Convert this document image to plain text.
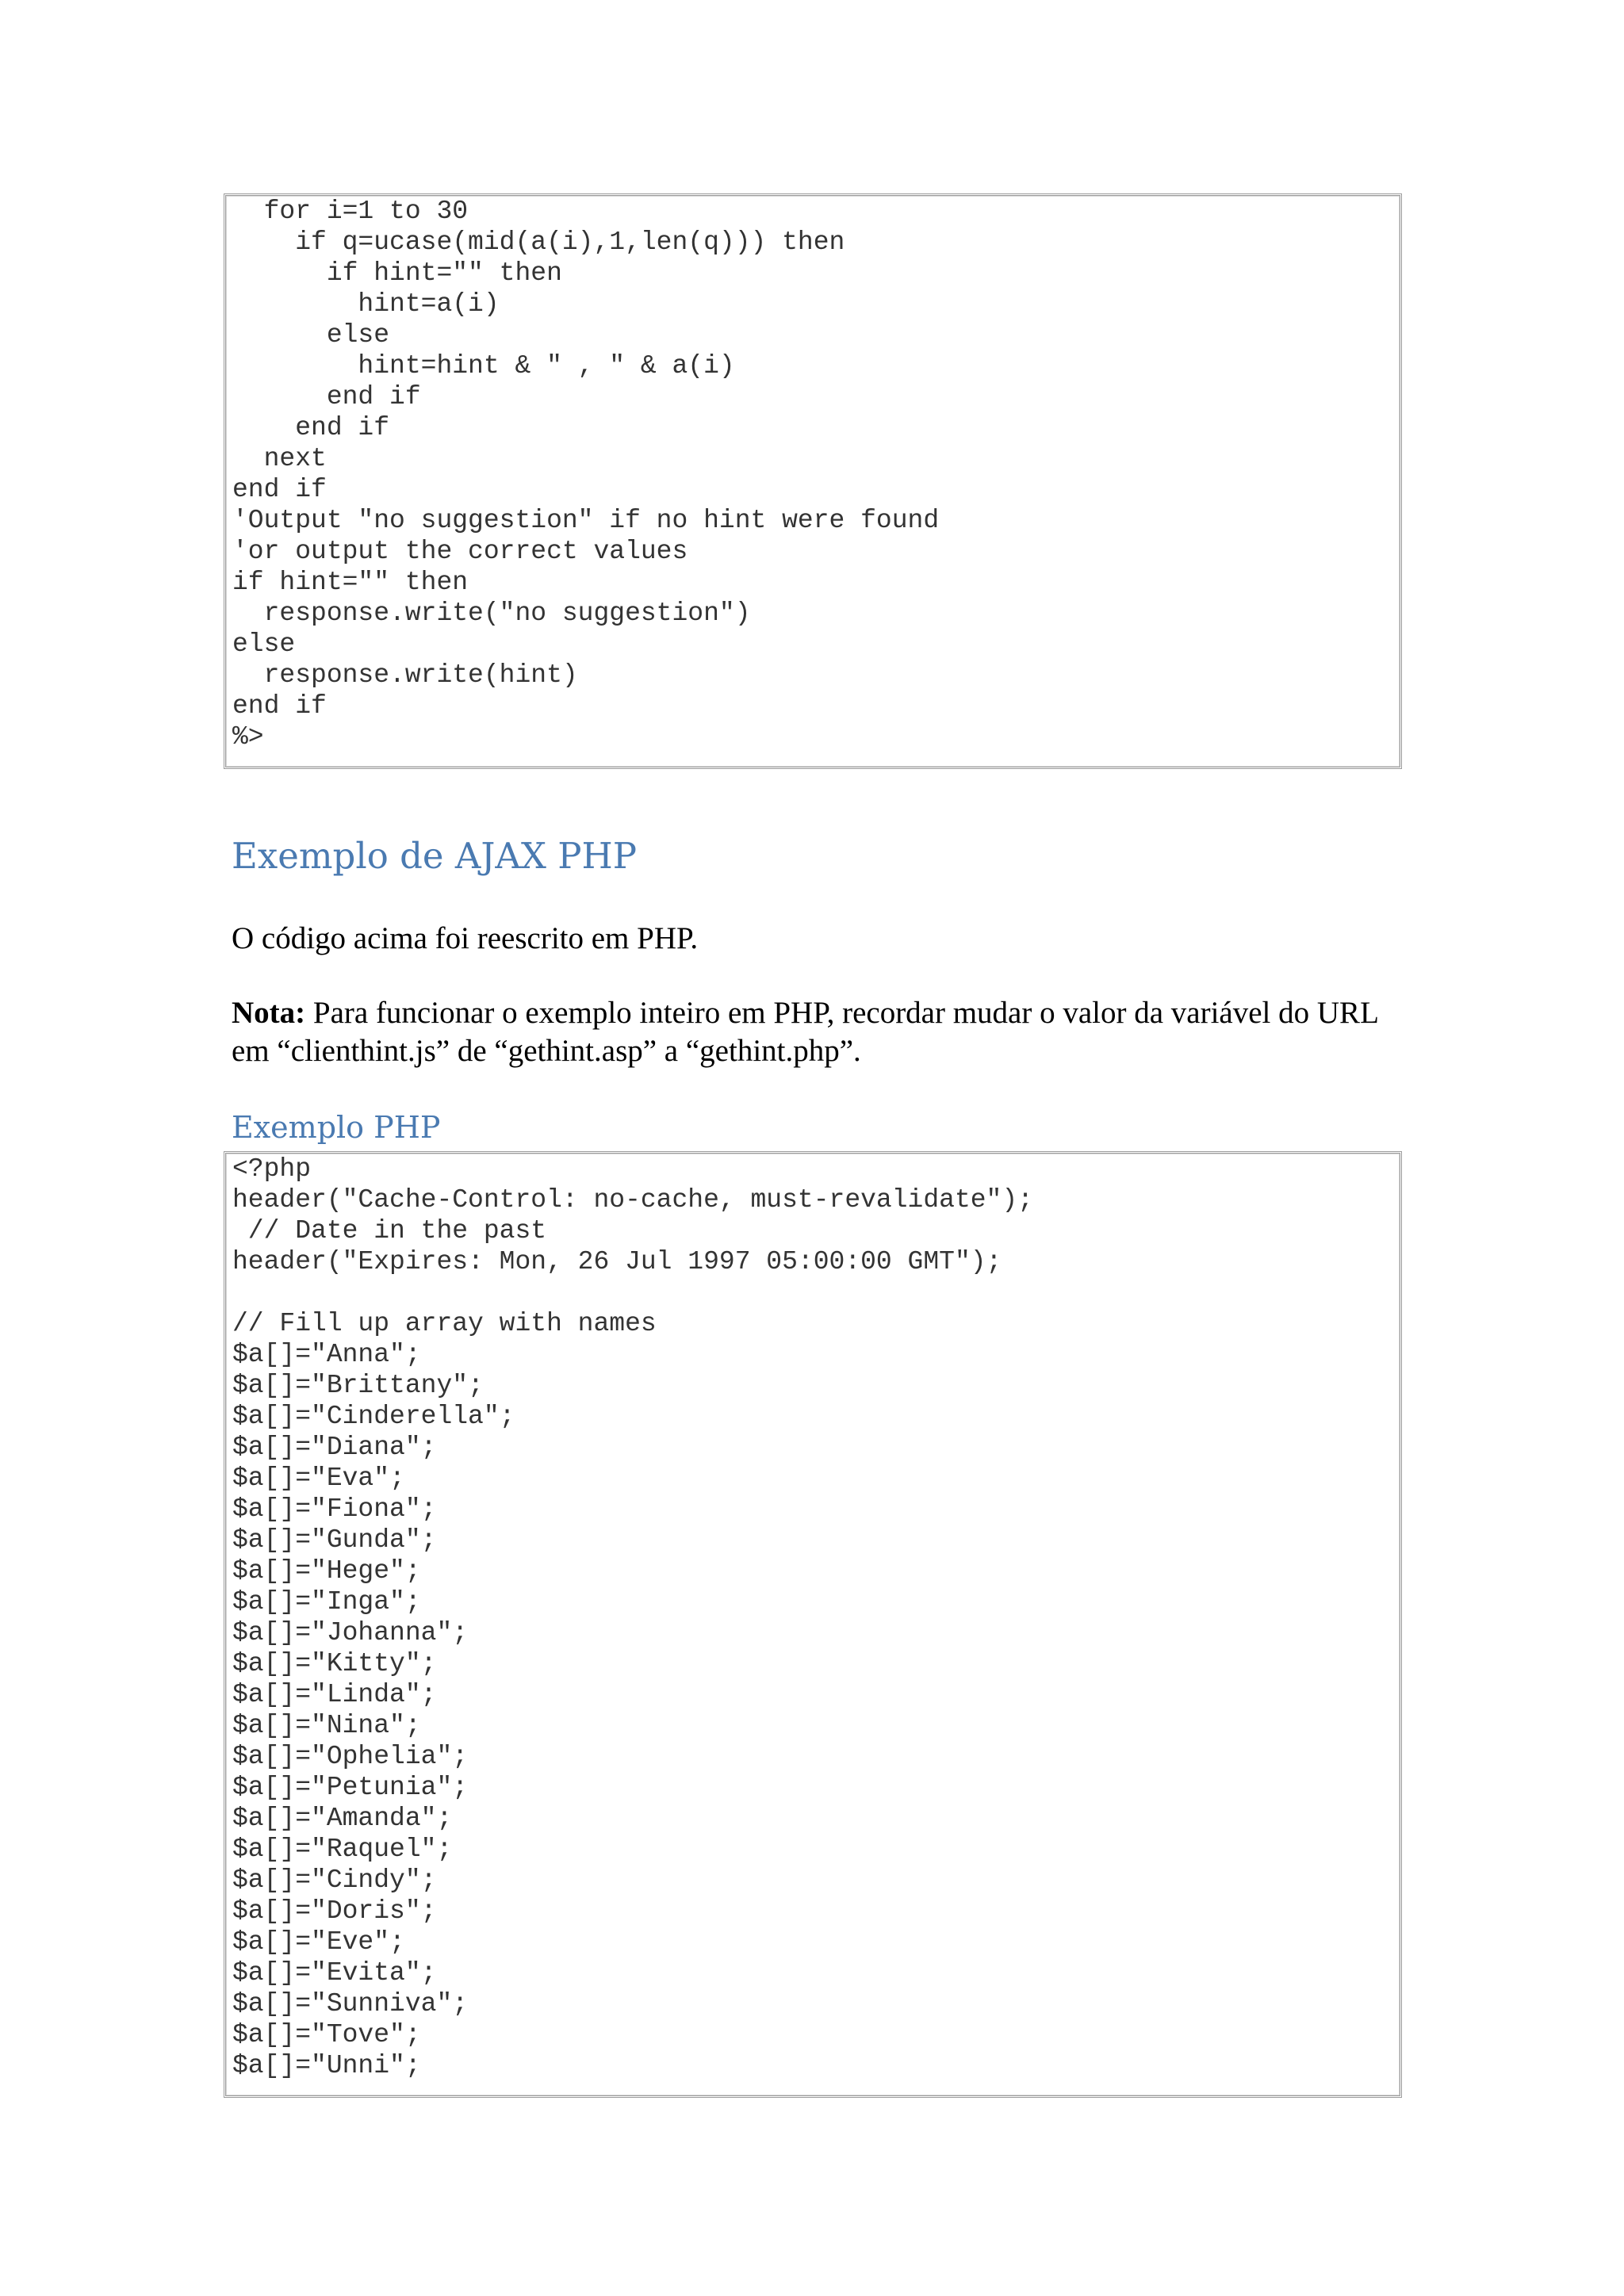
for i=1 to 30
if q=ucase(mid(a(i),1,len(q))) then
if hint="" then
hint=a(i)
else
hint=hint & " , " & a(i)
end if
end if
next
end if
'Output "no suggestion" if no hint were found
'or output the correct values
if hint="" then
response.write("no suggestion")
else
response.write(hint)
end if
%>
Exemplo de AJAX PHP

O código acima foi reescrito em PHP.

Nota: Para funcionar o exemplo inteiro em PHP, recordar mudar o valor da variável do URL em “clienthint.js” de “gethint.asp” a “gethint.php”.

Exemplo PHP
<?php
header("Cache-Control: no-cache, must-revalidate");
// Date in the past
header("Expires: Mon, 26 Jul 1997 05:00:00 GMT");
// Fill up array with names
$a[]="Anna";
$a[]="Brittany";
$a[]="Cinderella";
$a[]="Diana";
$a[]="Eva";
$a[]="Fiona";
$a[]="Gunda";
$a[]="Hege";
$a[]="Inga";
$a[]="Johanna";
$a[]="Kitty";
$a[]="Linda";
$a[]="Nina";
$a[]="Ophelia";
$a[]="Petunia";
$a[]="Amanda";
$a[]="Raquel";
$a[]="Cindy";
$a[]="Doris";
$a[]="Eve";
$a[]="Evita";
$a[]="Sunniva";
$a[]="Tove";
$a[]="Unni";
